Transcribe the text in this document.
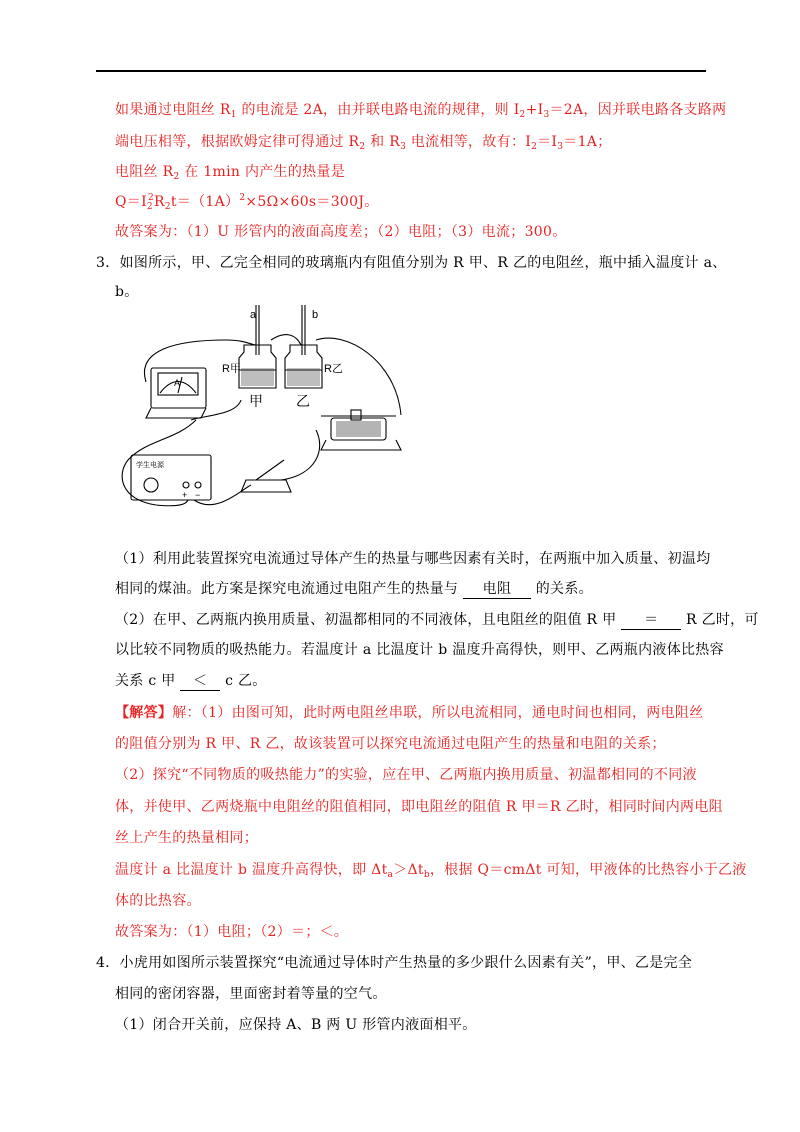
如果通过电阻丝 $R_1$ 的电流是 2A，由并联电路电流的规律，则 $I_2+I_3=2A$，因并联电路各支路两
端电压相等，根据欧姆定律可得通过 $R_2$ 和 $R_3$ 电流相等，故有：$I_2=I_3=1A$；
电阻丝 $R_2$ 在 1min 内产生的热量是
$Q=I_2^2R_2t=(1A)^2\times 5\Omega\times 60s=300J$。
故答案为：（1）U 形管内的液面高度差；（2）电阻；（3）电流；300。
3．如图所示，甲、乙完全相同的玻璃瓶内有阻值分别为 R 甲、R 乙的电阻丝，瓶中插入温度计 a、
b。
a	b
R甲	R乙
甲 乙
A
学生电源
+ −
（1）利用此装置探究电流通过导体产生的热量与哪些因素有关时，在两瓶中加入质量、初温均
相同的煤油。此方案是探究电流通过电阻产生的热量与 电阻 的关系。
（2）在甲、乙两瓶内换用质量、初温都相同的不同液体，且电阻丝的阻值 R 甲 ＝ R 乙时，可
以比较不同物质的吸热能力。若温度计 a 比温度计 b 温度升高得快，则甲、乙两瓶内液体比热容
关系 c 甲 ＜ c 乙。
【解答】解：（1）由图可知，此时两电阻丝串联，所以电流相同，通电时间也相同，两电阻丝
的阻值分别为 R 甲、R 乙，故该装置可以探究电流通过电阻产生的热量和电阻的关系；
（2）探究“不同物质的吸热能力”的实验，应在甲、乙两瓶内换用质量、初温都相同的不同液
体，并使甲、乙两烧瓶中电阻丝的阻值相同，即电阻丝的阻值 R 甲＝R 乙时，相同时间内两电阻
丝上产生的热量相同；
温度计 a 比温度计 b 温度升高得快，即 $\Delta t_a>\Delta t_b$，根据 Q＝cmΔt 可知，甲液体的比热容小于乙液
体的比热容。
故答案为：（1）电阻；（2）＝；＜。
4．小虎用如图所示装置探究“电流通过导体时产生热量的多少跟什么因素有关”，甲、乙是完全
相同的密闭容器，里面密封着等量的空气。
（1）闭合开关前，应保持 A、B 两 U 形管内液面相平。
